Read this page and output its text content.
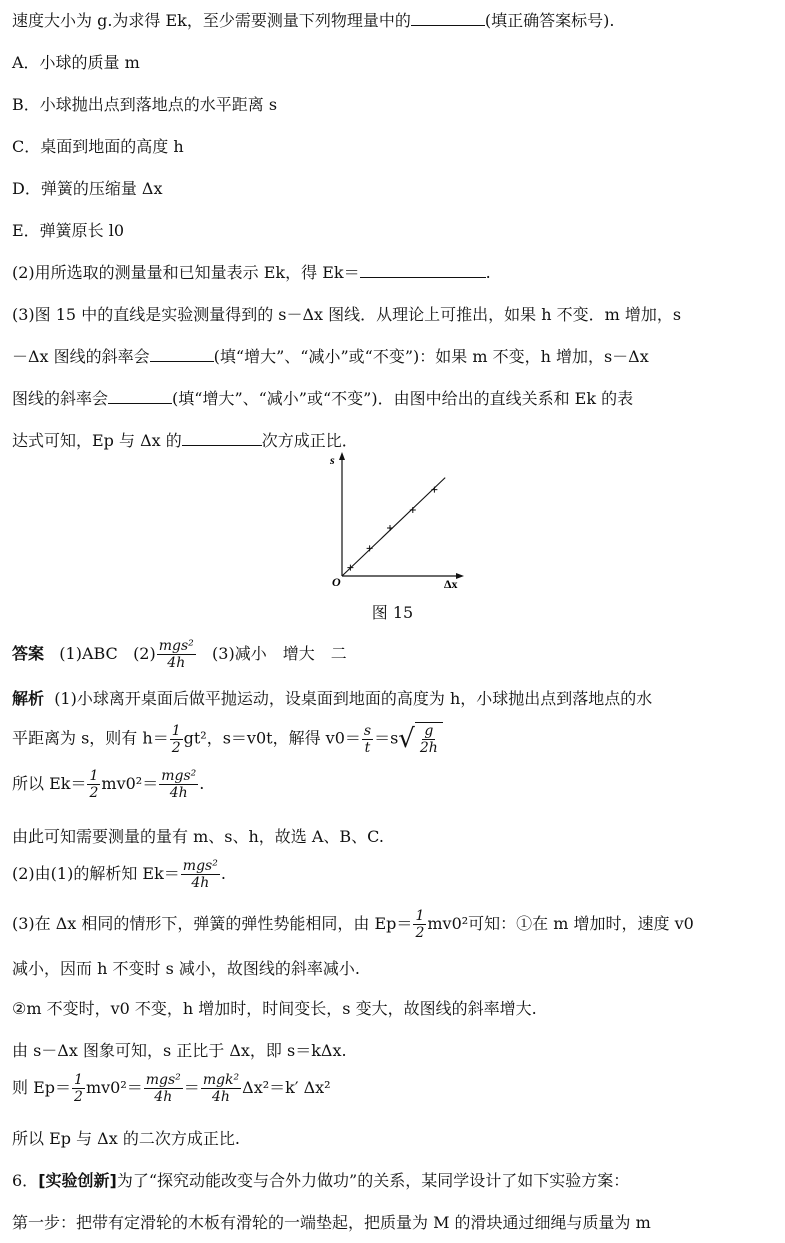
速度大小为 g.为求得 Ek，至少需要测量下列物理量中的	(填正确答案标号).
A．小球的质量 m
B．小球抛出点到落地点的水平距离 s
C．桌面到地面的高度 h
D．弹簧的压缩量 Δx
E．弹簧原长 l0
(2)用所选取的测量量和已知量表示 Ek，得 Ek＝	.
(3)图 15 中的直线是实验测量得到的 s－Δx 图线．从理论上可推出，如果 h 不变．m 增加，s
－Δx 图线的斜率会	(填“增大”、“减小”或“不变”)：如果 m 不变，h 增加，s－Δx
图线的斜率会	(填“增大”、“减小”或“不变”)．由图中给出的直线关系和 Ek 的表
达式可知，Ep 与 Δx 的	次方成正比．
s
O	Δx
图 15
答案 (1)ABC $(2) \frac{\text{mgs²}}{4h} (3)$减小　增大　二
解析 (1)小球离开桌面后做平抛运动，设桌面到地面的高度为 h，小球抛出点到落地点的水
平距离为 s，则有 $h= \frac{1}{2} gt^2$，s＝v0t，解得 $v0= \frac{s}{t} =s$ √ $\frac{g}{2h}$
所以 $Ek= \frac{1}{2} mv0^2= \frac{\text{mgs²}}{4h}$ .
由此可知需要测量的量有 m、s、h，故选 A、B、C.
(2)由(1)的解析知 $Ek= \frac{\text{mgs²}}{4h}$ .
(3)在 Δx 相同的情形下，弹簧的弹性势能相同，由 $Ep= \frac{1}{2} mv0^2$可知：①在 m 增加时，速度 v0
减小，因而 h 不变时 s 减小，故图线的斜率减小.
②m 不变时，v0 不变，h 增加时，时间变长，s 变大，故图线的斜率增大.
由 s－Δx 图象可知，s 正比于 Δx，即 s＝kΔx.
则 $Ep= \frac{1}{2} mv0^2= \frac{\text{mgs²}}{4h} = \frac{\text{mgk²}}{4h} \Delta x^2=k'$ Δx²
所以 Ep 与 Δx 的二次方成正比.
6．[实验创新]为了“探究动能改变与合外力做功”的关系，某同学设计了如下实验方案：
第一步：把带有定滑轮的木板有滑轮的一端垫起，把质量为 M 的滑块通过细绳与质量为 m
